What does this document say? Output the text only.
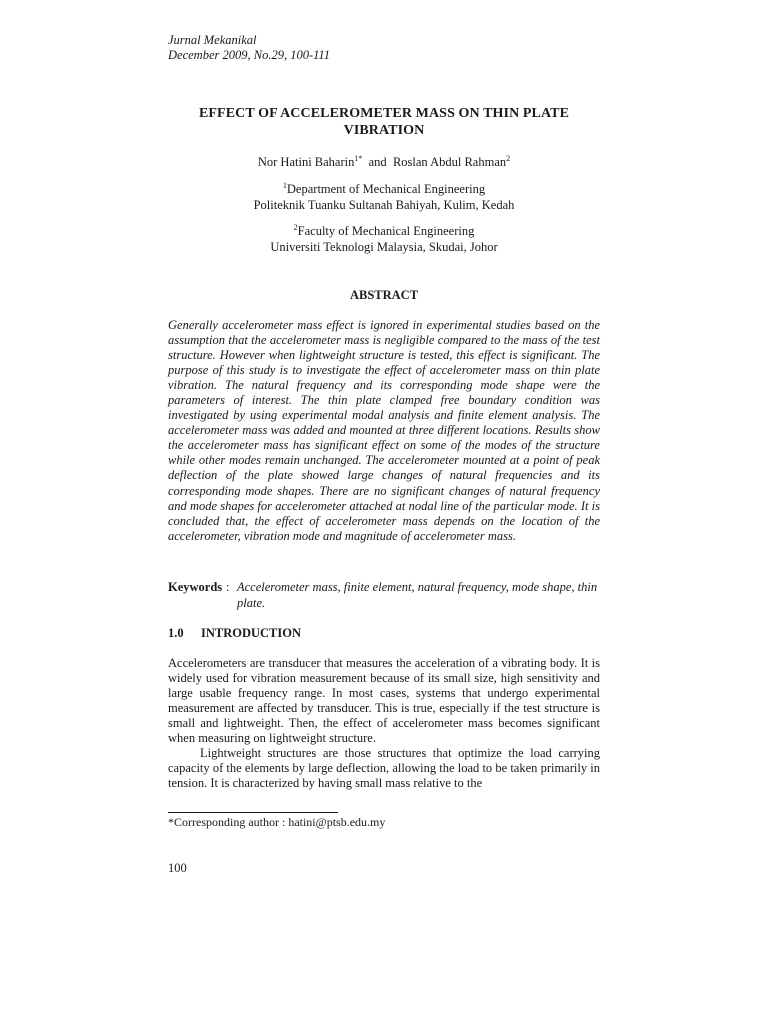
Jurnal Mekanikal
December 2009, No.29, 100-111
EFFECT OF ACCELEROMETER MASS ON THIN PLATE VIBRATION
Nor Hatini Baharin$^{1*}$ and Roslan Abdul Rahman$^2$
$^1$Department of Mechanical Engineering
Politeknik Tuanku Sultanah Bahiyah, Kulim, Kedah
$^2$Faculty of Mechanical Engineering
Universiti Teknologi Malaysia, Skudai, Johor
ABSTRACT

Generally accelerometer mass effect is ignored in experimental studies based on the assumption that the accelerometer mass is negligible compared to the mass of the test structure. However when lightweight structure is tested, this effect is significant. The purpose of this study is to investigate the effect of accelerometer mass on thin plate vibration. The natural frequency and its corresponding mode shape were the parameters of interest. The thin plate clamped free boundary condition was investigated by using experimental modal analysis and finite element analysis. The accelerometer mass was added and mounted at three different locations. Results show the accelerometer mass has significant effect on some of the modes of the structure while other modes remain unchanged. The accelerometer mounted at a point of peak deflection of the plate showed large changes of natural frequencies and its corresponding mode shapes. There are no significant changes of natural frequency and mode shapes for accelerometer attached at nodal line of the particular mode. It is concluded that, the effect of accelerometer mass depends on the location of the accelerometer, vibration mode and magnitude of accelerometer mass.

Keywords : Accelerometer mass, finite element, natural frequency, mode shape, thin plate.
1.0 INTRODUCTION

Accelerometers are transducer that measures the acceleration of a vibrating body. It is widely used for vibration measurement because of its small size, high sensitivity and large usable frequency range. In most cases, systems that undergo experimental measurement are affected by transducer. This is true, especially if the test structure is small and lightweight. Then, the effect of accelerometer mass becomes significant when measuring on lightweight structure.

Lightweight structures are those structures that optimize the load carrying capacity of the elements by large deflection, allowing the load to be taken primarily in tension. It is characterized by having small mass relative to the

*Corresponding author : hatini@ptsb.edu.my
100
